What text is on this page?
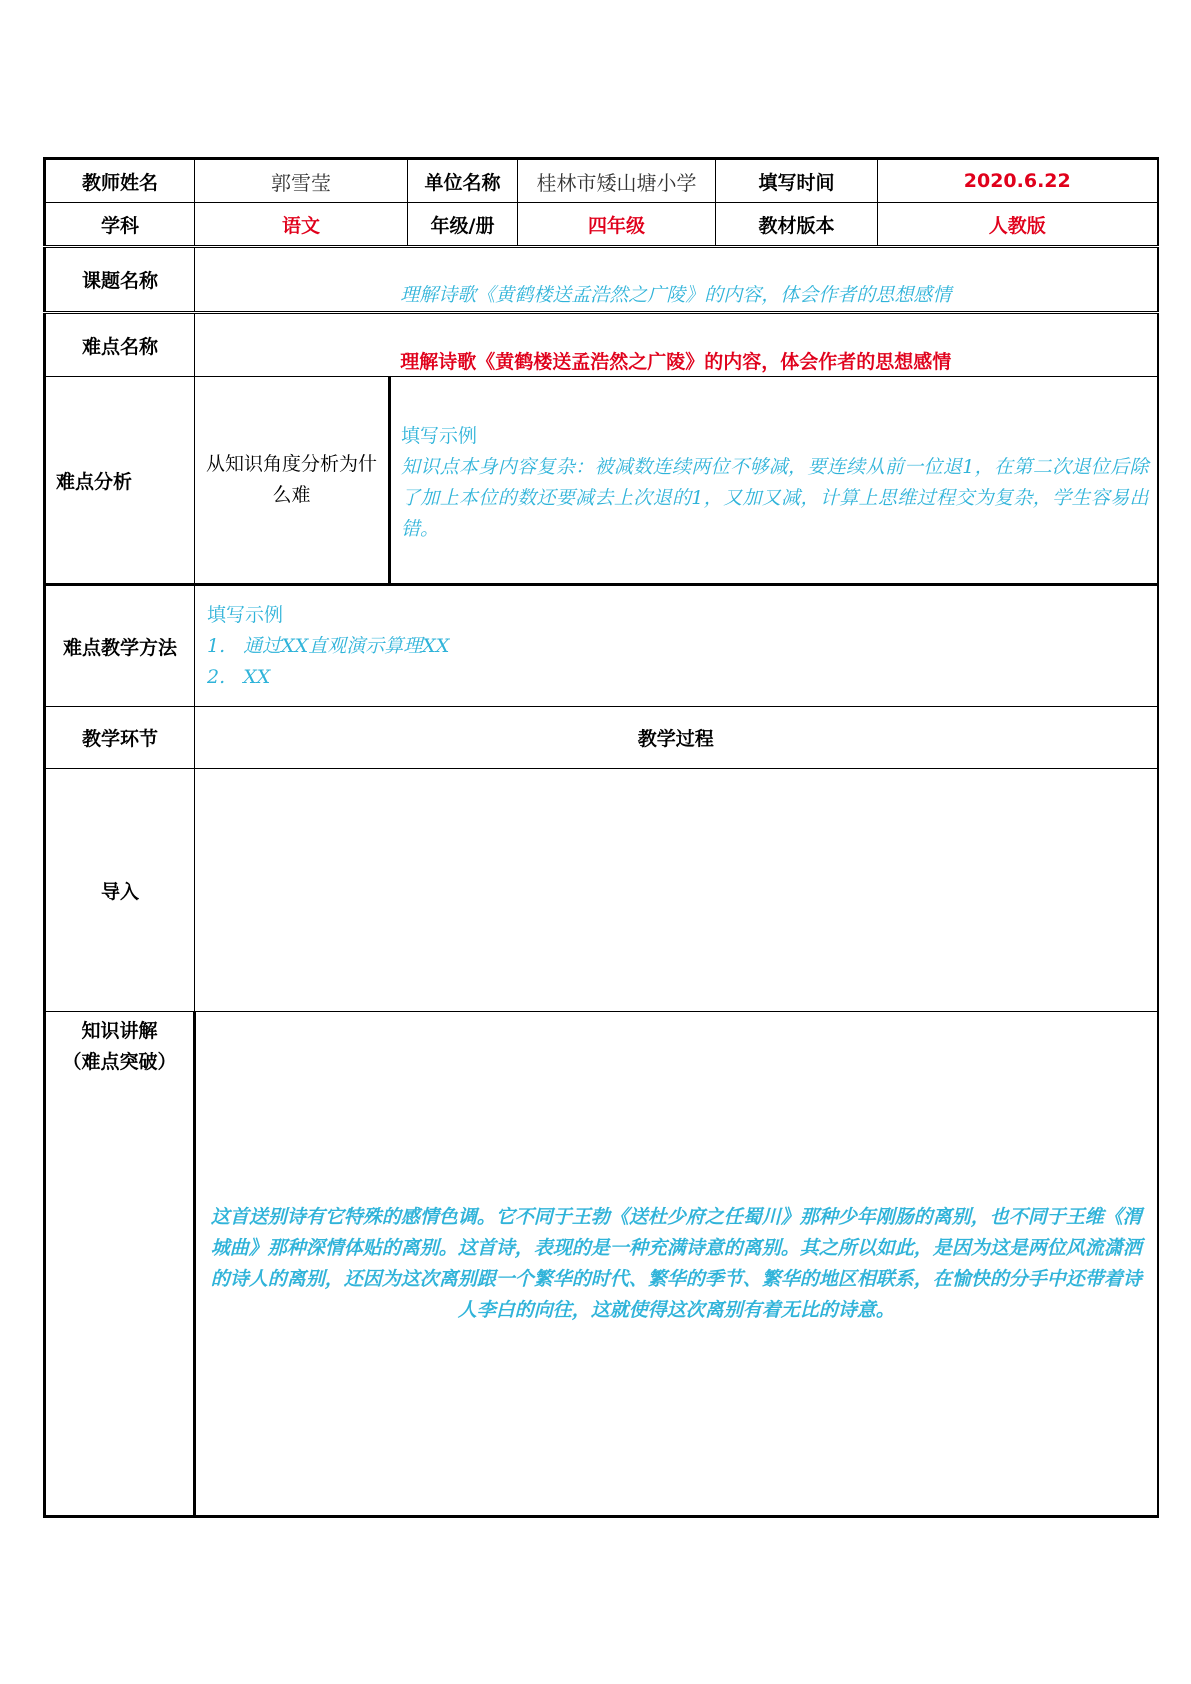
教师姓名	郭雪莹		单位名称	桂林市矮山塘小学	填写时间	2020.6.22
学科	语文		年级/册	四年级	教材版本	人教版
课题名称	理解诗歌《黄鹤楼送孟浩然之广陵》的内容，体会作者的思想感情					
难点名称	理解诗歌《黄鹤楼送孟浩然之广陵》的内容，体会作者的思想感情					
难点分析	从知识角度分析为什么难	填写示例
知识点本身内容复杂：被减数连续两位不够减，要连续从前一位退1，在第二次退位后除了加上本位的数还要减去上次退的1，又加又减，计算上思维过程交为复杂，学生容易出错。				

难点教学方法	填写示例
1.   通过XX直观演示算理XX
2.   XX					

教学环节	教学过程					
导入						

知识讲解
（难点突破）	这首送别诗有它特殊的感情色调。它不同于王勃《送杜少府之任蜀川》那种少年刚肠的离别，也不同于王维《渭城曲》那种深情体贴的离别。这首诗，表现的是一种充满诗意的离别。其之所以如此，是因为这是两位风流潇洒的诗人的离别，还因为这次离别跟一个繁华的时代、繁华的季节、繁华的地区相联系，在愉快的分手中还带着诗人李白的向往，这就使得这次离别有着无比的诗意。					
